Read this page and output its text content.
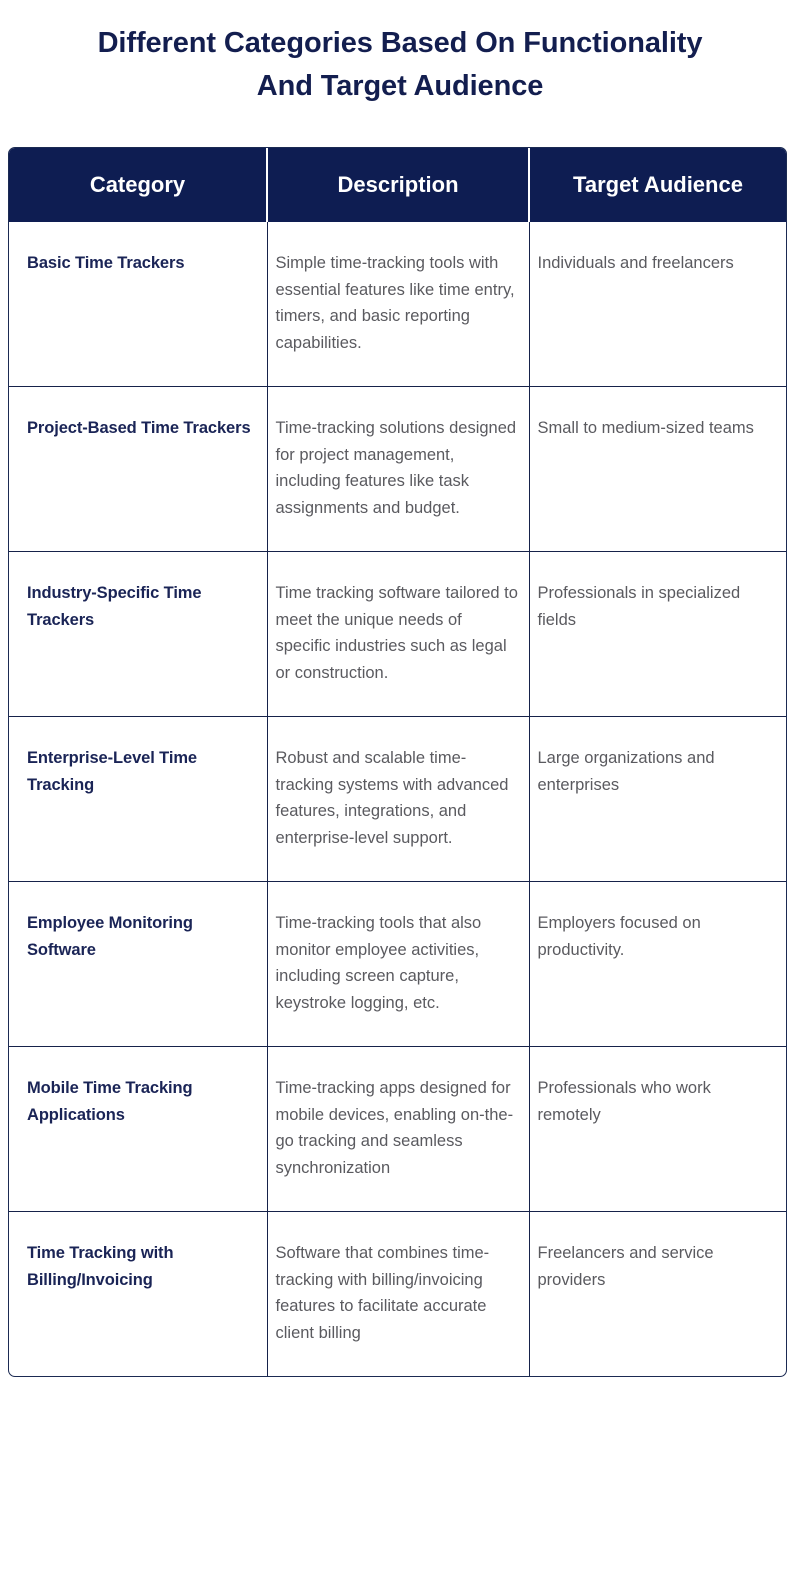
Different Categories Based On Functionality
And Target Audience
Category	Description	Target Audience
Basic Time Trackers	Simple time-tracking tools with essential features like time entry, timers, and basic reporting capabilities.	Individuals and freelancers
Project-Based Time Trackers	Time-tracking solutions designed for project management, including features like task assignments and budget.	Small to medium-sized teams
Industry-Specific Time Trackers	Time tracking software tailored to meet the unique needs of specific industries such as legal or construction.	Professionals in specialized fields
Enterprise-Level Time Tracking	Robust and scalable time-tracking systems with advanced features, integrations, and enterprise-level support.	Large organizations and enterprises
Employee Monitoring Software	Time-tracking tools that also monitor employee activities, including screen capture, keystroke logging, etc.	Employers focused on productivity.
Mobile Time Tracking Applications	Time-tracking apps designed for mobile devices, enabling on-the-go tracking and seamless synchronization	Professionals who work remotely
Time Tracking with Billing/Invoicing	Software that combines time-tracking with billing/invoicing features to facilitate accurate client billing	Freelancers and service providers
